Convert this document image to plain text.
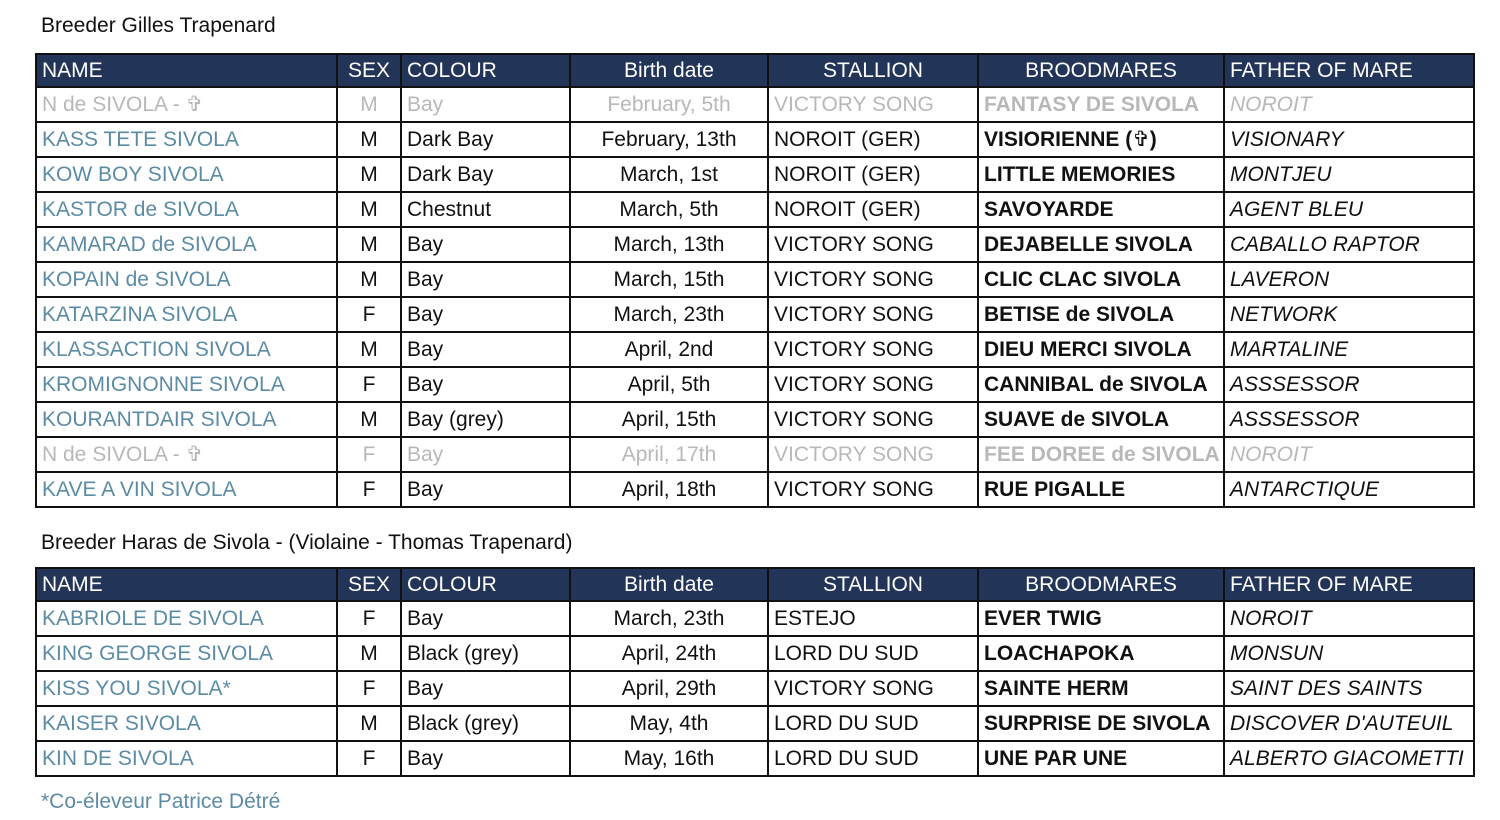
Breeder Gilles Trapenard
NAME	SEX	COLOUR	Birth date	STALLION	BROODMARES	FATHER OF MARE
N de SIVOLA - ✞	M	Bay	February, 5th	VICTORY SONG	FANTASY DE SIVOLA	NOROIT
KASS TETE SIVOLA	M	Dark Bay	February, 13th	NOROIT (GER)	VISIORIENNE (✞)	VISIONARY
KOW BOY SIVOLA	M	Dark Bay	March, 1st	NOROIT (GER)	LITTLE MEMORIES	MONTJEU
KASTOR de SIVOLA	M	Chestnut	March, 5th	NOROIT (GER)	SAVOYARDE	AGENT BLEU
KAMARAD de SIVOLA	M	Bay	March, 13th	VICTORY SONG	DEJABELLE SIVOLA	CABALLO RAPTOR
KOPAIN de SIVOLA	M	Bay	March, 15th	VICTORY SONG	CLIC CLAC SIVOLA	LAVERON
KATARZINA SIVOLA	F	Bay	March, 23th	VICTORY SONG	BETISE de SIVOLA	NETWORK
KLASSACTION SIVOLA	M	Bay	April, 2nd	VICTORY SONG	DIEU MERCI SIVOLA	MARTALINE
KROMIGNONNE SIVOLA	F	Bay	April, 5th	VICTORY SONG	CANNIBAL de SIVOLA	ASSSESSOR
KOURANTDAIR SIVOLA	M	Bay (grey)	April, 15th	VICTORY SONG	SUAVE de SIVOLA	ASSSESSOR
N de SIVOLA - ✞	F	Bay	April, 17th	VICTORY SONG	FEE DOREE de SIVOLA	NOROIT
KAVE A VIN SIVOLA	F	Bay	April, 18th	VICTORY SONG	RUE PIGALLE	ANTARCTIQUE
Breeder Haras de Sivola - (Violaine - Thomas Trapenard)
NAME	SEX	COLOUR	Birth date	STALLION	BROODMARES	FATHER OF MARE
KABRIOLE DE SIVOLA	F	Bay	March, 23th	ESTEJO	EVER TWIG	NOROIT
KING GEORGE SIVOLA	M	Black (grey)	April, 24th	LORD DU SUD	LOACHAPOKA	MONSUN
KISS YOU SIVOLA*	F	Bay	April, 29th	VICTORY SONG	SAINTE HERM	SAINT DES SAINTS
KAISER SIVOLA	M	Black (grey)	May, 4th	LORD DU SUD	SURPRISE DE SIVOLA	DISCOVER D'AUTEUIL
KIN DE SIVOLA	F	Bay	May, 16th	LORD DU SUD	UNE PAR UNE	ALBERTO GIACOMETTI
*Co-éleveur Patrice Détré
